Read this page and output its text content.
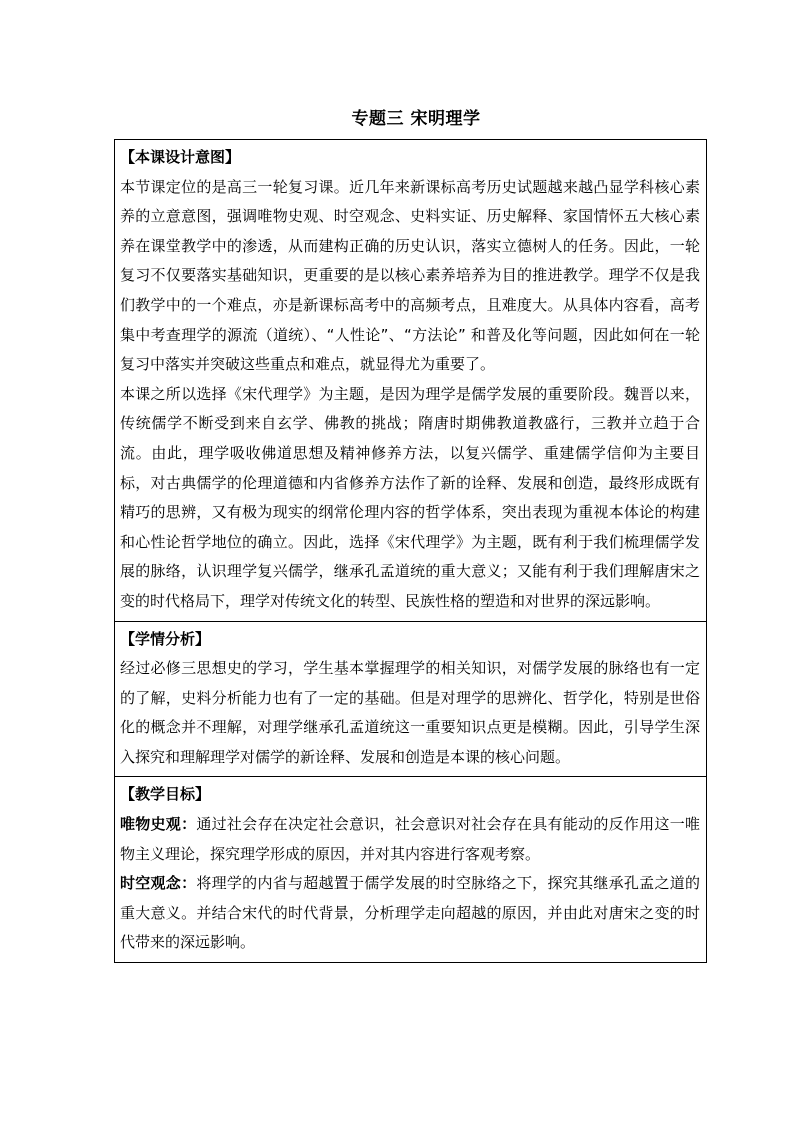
专题三 宋明理学
【本课设计意图】
本节课定位的是高三一轮复习课。近几年来新课标高考历史试题越来越凸显学科核心素养的立意意图，强调唯物史观、时空观念、史料实证、历史解释、家国情怀五大核心素养在课堂教学中的渗透，从而建构正确的历史认识，落实立德树人的任务。因此，一轮复习不仅要落实基础知识，更重要的是以核心素养培养为目的推进教学。理学不仅是我们教学中的一个难点，亦是新课标高考中的高频考点，且难度大。从具体内容看，高考集中考查理学的源流（道统）、“人性论”、“方法论” 和普及化等问题，因此如何在一轮复习中落实并突破这些重点和难点，就显得尤为重要了。
本课之所以选择《宋代理学》为主题，是因为理学是儒学发展的重要阶段。魏晋以来，传统儒学不断受到来自玄学、佛教的挑战；隋唐时期佛教道教盛行，三教并立趋于合流。由此，理学吸收佛道思想及精神修养方法，以复兴儒学、重建儒学信仰为主要目标，对古典儒学的伦理道德和内省修养方法作了新的诠释、发展和创造，最终形成既有精巧的思辨，又有极为现实的纲常伦理内容的哲学体系，突出表现为重视本体论的构建和心性论哲学地位的确立。因此，选择《宋代理学》为主题，既有利于我们梳理儒学发展的脉络，认识理学复兴儒学，继承孔孟道统的重大意义；又能有利于我们理解唐宋之变的时代格局下，理学对传统文化的转型、民族性格的塑造和对世界的深远影响。

【学情分析】
经过必修三思想史的学习，学生基本掌握理学的相关知识，对儒学发展的脉络也有一定的了解，史料分析能力也有了一定的基础。但是对理学的思辨化、哲学化，特别是世俗化的概念并不理解，对理学继承孔孟道统这一重要知识点更是模糊。因此，引导学生深入探究和理解理学对儒学的新诠释、发展和创造是本课的核心问题。

【教学目标】
唯物史观：通过社会存在决定社会意识，社会意识对社会存在具有能动的反作用这一唯物主义理论，探究理学形成的原因，并对其内容进行客观考察。
时空观念：将理学的内省与超越置于儒学发展的时空脉络之下，探究其继承孔孟之道的重大意义。并结合宋代的时代背景，分析理学走向超越的原因，并由此对唐宋之变的时代带来的深远影响。
